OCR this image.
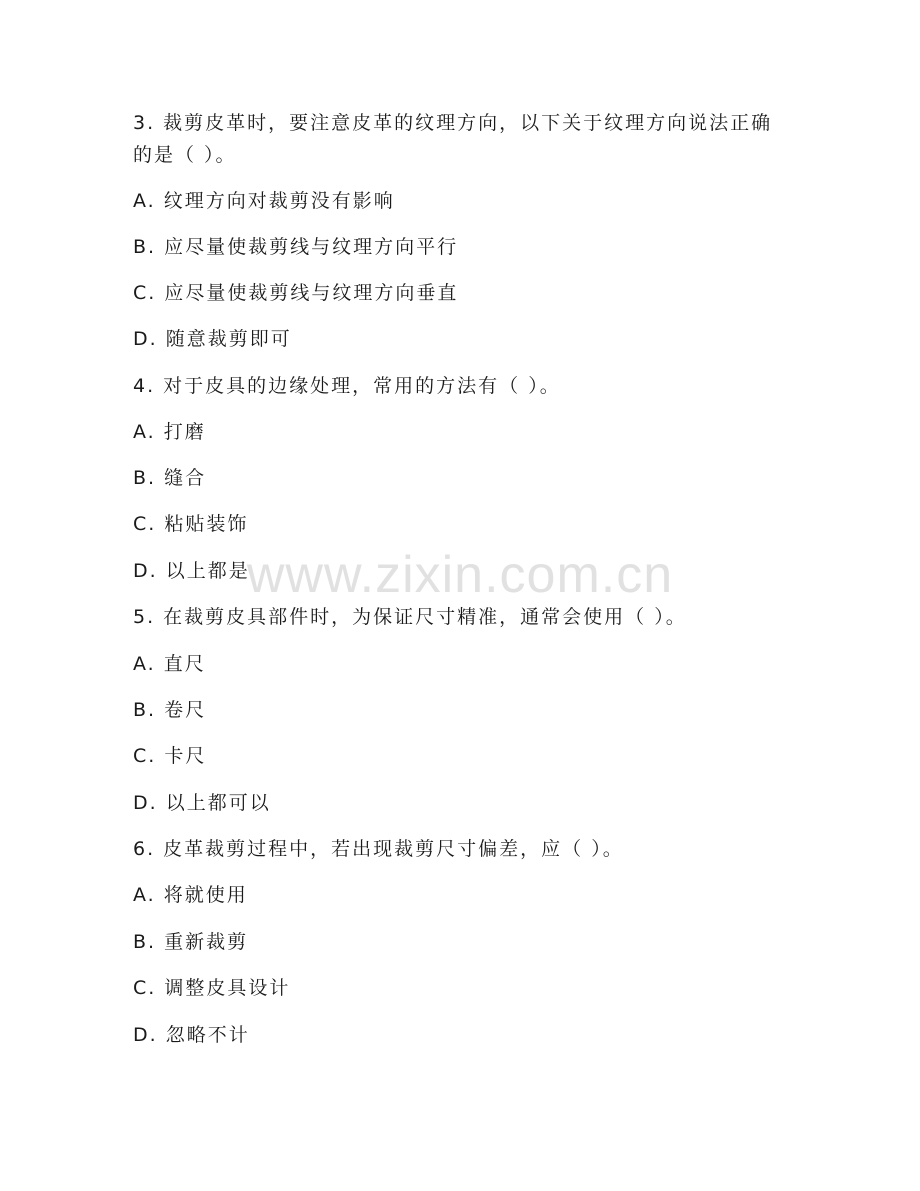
3. 裁剪皮革时，要注意皮革的纹理方向，以下关于纹理方向说法正确
的是（ ）。
A. 纹理方向对裁剪没有影响
B. 应尽量使裁剪线与纹理方向平行
C. 应尽量使裁剪线与纹理方向垂直
D. 随意裁剪即可
4. 对于皮具的边缘处理，常用的方法有（ ）。
A. 打磨
B. 缝合
C. 粘贴装饰
D. 以上都是
5. 在裁剪皮具部件时，为保证尺寸精准，通常会使用（ ）。
A. 直尺
B. 卷尺
C. 卡尺
D. 以上都可以
6. 皮革裁剪过程中，若出现裁剪尺寸偏差，应（ ）。
A. 将就使用
B. 重新裁剪
C. 调整皮具设计
D. 忽略不计
www.zixin.com.cn
